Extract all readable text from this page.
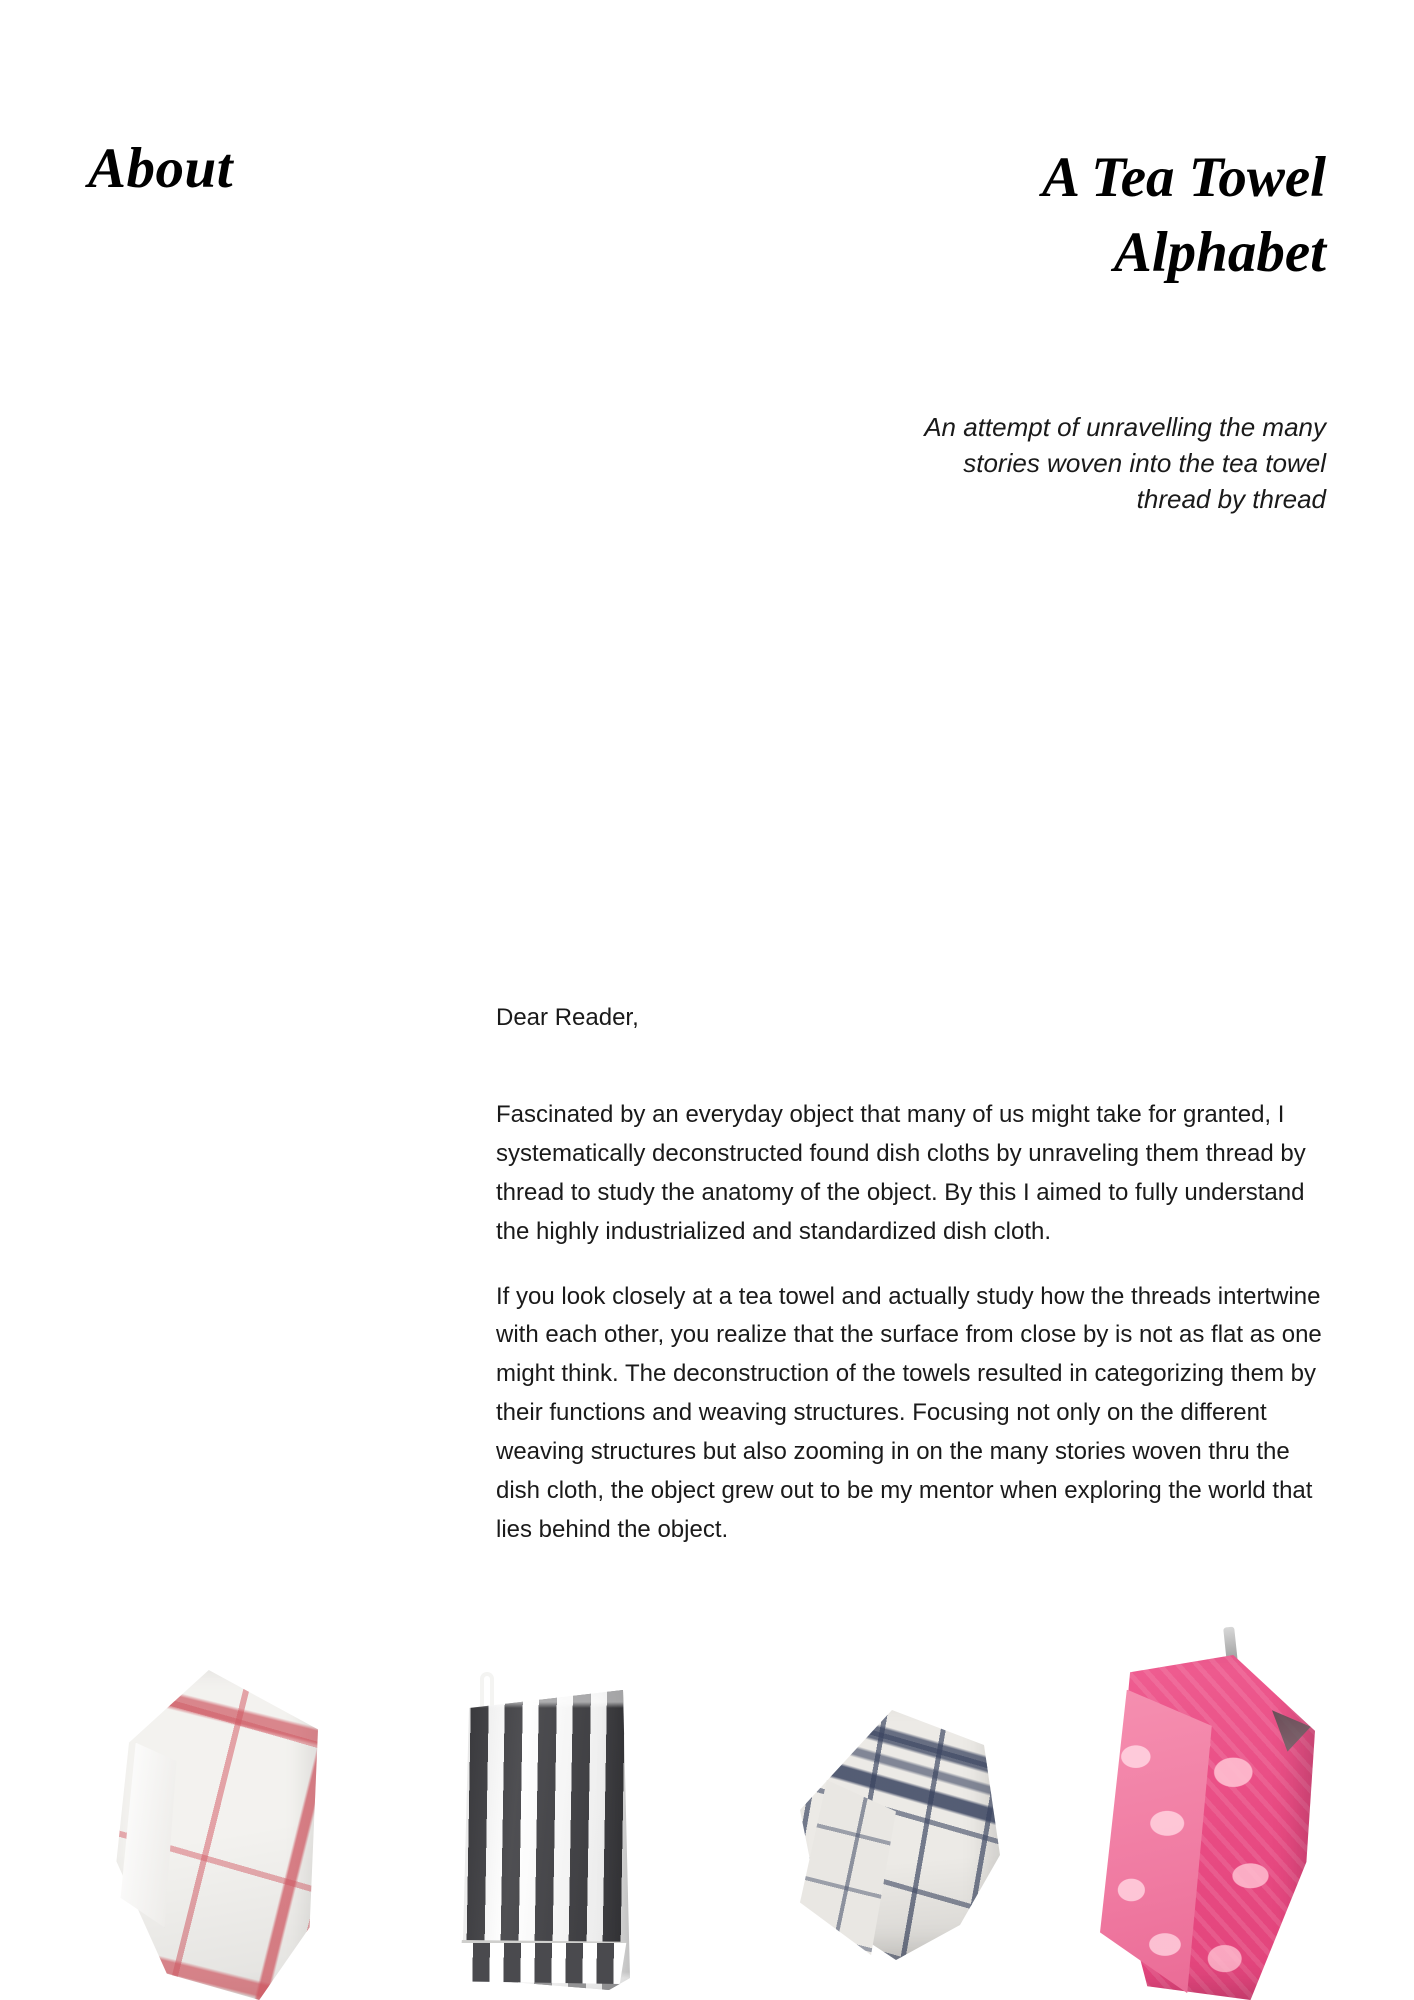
About	A Tea Towel
Alphabet
An attempt of unravelling the many
stories woven into the tea towel
thread by thread
Dear Reader,

Fascinated by an everyday object that many of us might take for granted, I systematically deconstructed found dish cloths by unraveling them thread by thread to study the anatomy of the object. By this I aimed to fully understand the highly industrialized and standardized dish cloth.

If you look closely at a tea towel and actually study how the threads intertwine with each other, you realize that the surface from close by is not as flat as one might think. The deconstruction of the towels resulted in categorizing them by their functions and weaving structures. Focusing not only on the different weaving structures but also zooming in on the many stories woven thru the dish cloth, the object grew out to be my mentor when exploring the world that lies behind the object.
